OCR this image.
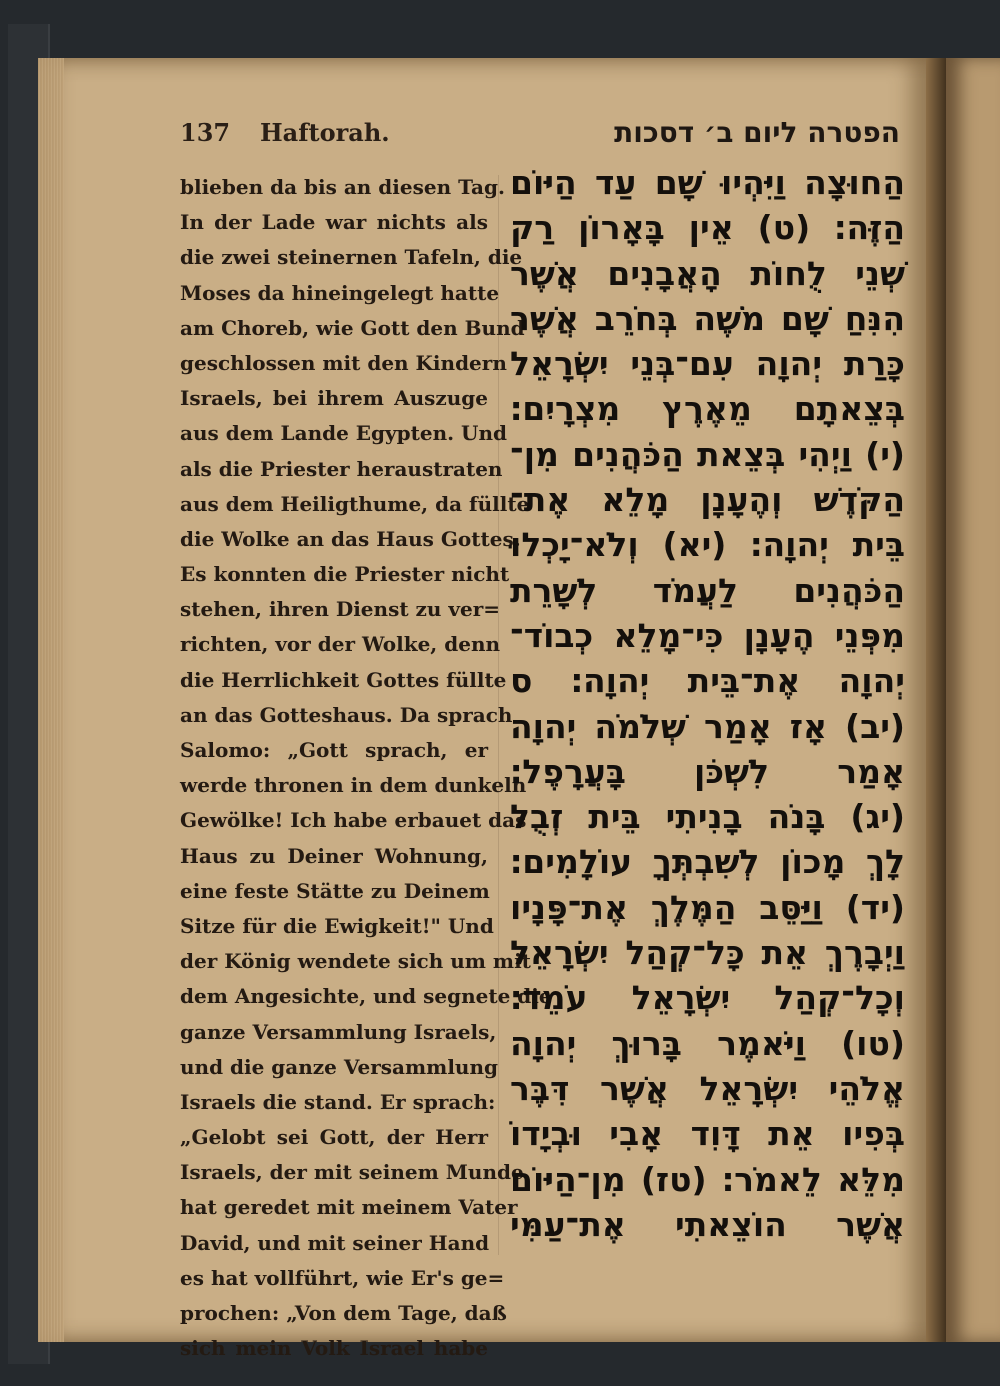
137 Haftorah.	הפטרה ליום ב׳ דסכות
blieben da bis an diesen Tag.
In der Lade war nichts als
die zwei steinernen Tafeln, die
Moses da hineingelegt hatte
am Choreb, wie Gott den Bund
geschlossen mit den Kindern
Israels, bei ihrem Auszuge
aus dem Lande Egypten. Und
als die Priester heraustraten
aus dem Heiligthume, da füllte
die Wolke an das Haus Gottes.
Es konnten die Priester nicht
stehen, ihren Dienst zu ver=
richten, vor der Wolke, denn
die Herrlichkeit Gottes füllte
an das Gotteshaus. Da sprach
Salomo: „Gott sprach, er
werde thronen in dem dunkeln
Gewölke! Ich habe erbauet das
Haus zu Deiner Wohnung,
eine feste Stätte zu Deinem
Sitze für die Ewigkeit!" Und
der König wendete sich um mit
dem Angesichte, und segnete die
ganze Versammlung Israels,
und die ganze Versammlung
Israels die stand. Er sprach:
„Gelobt sei Gott, der Herr
Israels, der mit seinem Munde
hat geredet mit meinem Vater
David, und mit seiner Hand
es hat vollführt, wie Er's ge=
prochen: „Von dem Tage, daß
sich mein Volk Israel habe
הַחוּצָה וַיִּהְיוּ שָׁם עַד הַיּוֹם
הַזֶּה׃ (ט) אֵין בָּאָרוֹן רַק
שְׁנֵי לֻחוֹת הָאֲבָנִים אֲשֶׁר
הִנִּחַ שָׁם מֹשֶׁה בְּחֹרֵב אֲשֶׁר
כָּרַת יְהוָה עִם־בְּנֵי יִשְׂרָאֵל
בְּצֵאתָם מֵאֶרֶץ מִצְרָיִם׃
(י) וַיְהִי בְּצֵאת הַכֹּהֲנִים מִן־
הַקֹּדֶשׁ וְהֶעָנָן מָלֵא אֶת־
בֵּית יְהוָה׃ (יא) וְלֹא־יָכְלוּ
הַכֹּהֲנִים לַעֲמֹד לְשָׁרֵת
מִפְּנֵי הֶעָנָן כִּי־מָלֵא כְבוֹד־
יְהוָה אֶת־בֵּית יְהוָה׃ ס
(יב) אָז אָמַר שְׁלֹמֹה יְהוָה
אָמַר לִשְׁכֹּן בָּעֲרָפֶל׃
(יג) בָּנֹה בָנִיתִי בֵּית זְבֻל
לָךְ מָכוֹן לְשִׁבְתְּךָ עוֹלָמִים׃
(יד) וַיַּסֵּב הַמֶּלֶךְ אֶת־פָּנָיו
וַיְבָרֶךְ אֵת כָּל־קְהַל יִשְׂרָאֵל
וְכָל־קְהַל יִשְׂרָאֵל עֹמֵד׃
(טו) וַיֹּאמֶר בָּרוּךְ יְהוָה
אֱלֹהֵי יִשְׂרָאֵל אֲשֶׁר דִּבֶּר
בְּפִיו אֵת דָּוִד אָבִי וּבְיָדוֹ
מִלֵּא לֵאמֹר׃ (טז) מִן־הַיּוֹם
אֲשֶׁר הוֹצֵאתִי אֶת־עַמִּי
